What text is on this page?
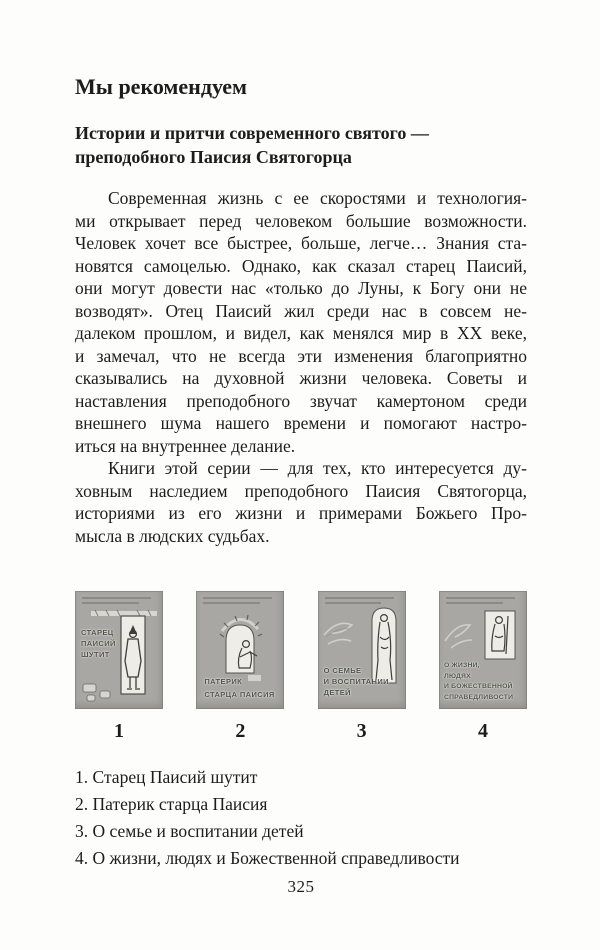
Мы рекомендуем
Истории и притчи современного святого —
преподобного Паисия Святогорца
Современная жизнь с ее скоростями и технология-
ми открывает перед человеком большие возможности.
Человек хочет все быстрее, больше, легче… Знания ста-
новятся самоцелью. Однако, как сказал старец Паисий,
они могут довести нас «только до Луны, к Богу они не
возводят». Отец Паисий жил среди нас в совсем не-
далеком прошлом, и видел, как менялся мир в XX веке,
и замечал, что не всегда эти изменения благоприятно
сказывались на духовной жизни человека. Советы и
наставления преподобного звучат камертоном среди
внешнего шума нашего времени и помогают настро-
иться на внутреннее делание.
Книги этой серии — для тех, кто интересуется ду-
ховным наследием преподобного Паисия Святогорца,
историями из его жизни и примерами Божьего Про-
мысла в людских судьбах.
СТАРЕЦ
ПАИСИЙ
ШУТИТ
ПАТЕРИК
СТАРЦА ПАИСИЯ
О СЕМЬЕ
И ВОСПИТАНИИ
ДЕТЕЙ
О ЖИЗНИ,
ЛЮДЯХ
И БОЖЕСТВЕННОЙ
СПРАВЕДЛИВОСТИ
1	2	3	4
1. Старец Паисий шутит
2. Патерик старца Паисия
3. О семье и воспитании детей
4. О жизни, людях и Божественной справедливости
325
